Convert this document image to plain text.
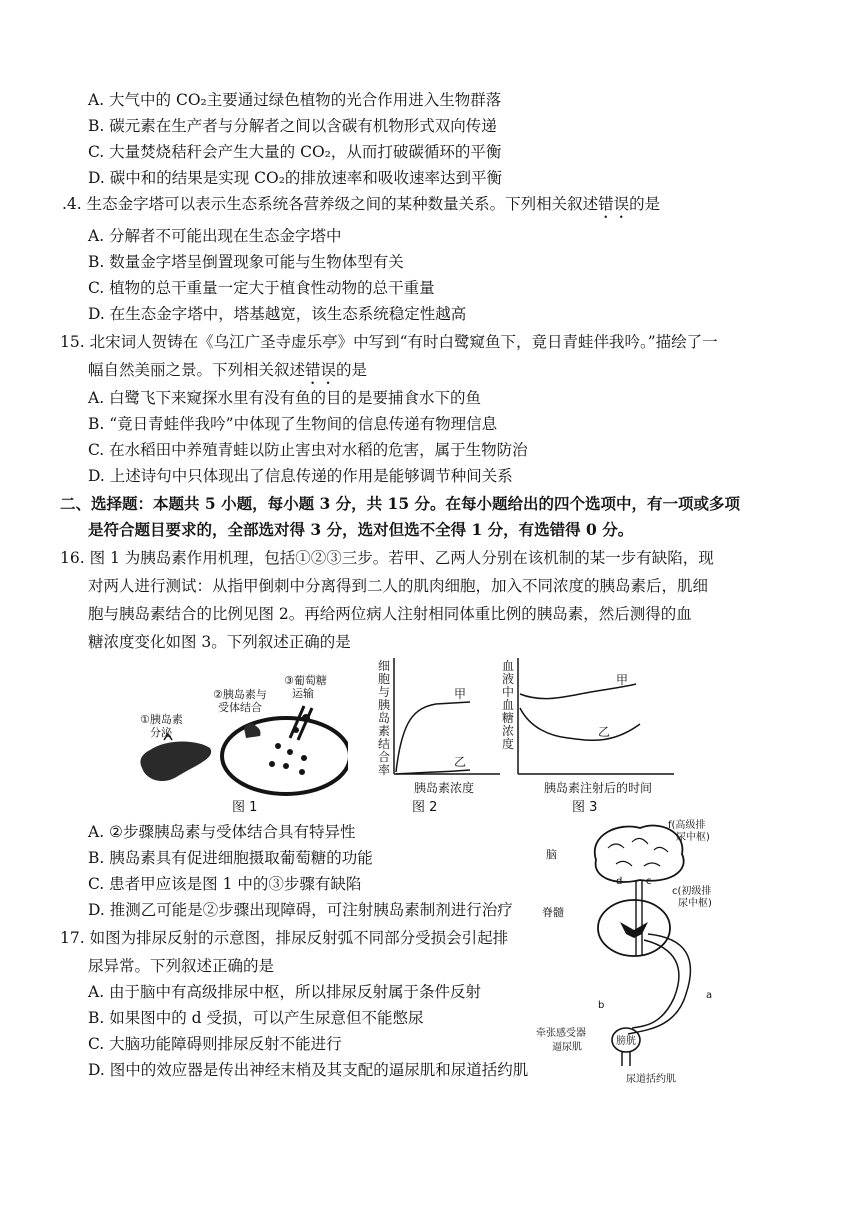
A. 大气中的 CO₂主要通过绿色植物的光合作用进入生物群落
B. 碳元素在生产者与分解者之间以含碳有机物形式双向传递
C. 大量焚烧秸秆会产生大量的 CO₂，从而打破碳循环的平衡
D. 碳中和的结果是实现 CO₂的排放速率和吸收速率达到平衡
.4. 生态金字塔可以表示生态系统各营养级之间的某种数量关系。下列相关叙述错误的是
A. 分解者不可能出现在生态金字塔中
B. 数量金字塔呈倒置现象可能与生物体型有关
C. 植物的总干重量一定大于植食性动物的总干重量
D. 在生态金字塔中，塔基越宽，该生态系统稳定性越高
15. 北宋词人贺铸在《乌江广圣寺虚乐亭》中写到“有时白鹭窥鱼下，竟日青蛙伴我吟。”描绘了一
幅自然美丽之景。下列相关叙述错误的是
A. 白鹭飞下来窥探水里有没有鱼的目的是要捕食水下的鱼
B. “竟日青蛙伴我吟”中体现了生物间的信息传递有物理信息
C. 在水稻田中养殖青蛙以防止害虫对水稻的危害，属于生物防治
D. 上述诗句中只体现出了信息传递的作用是能够调节种间关系
二、选择题：本题共 5 小题，每小题 3 分，共 15 分。在每小题给出的四个选项中，有一项或多项
是符合题目要求的，全部选对得 3 分，选对但选不全得 1 分，有选错得 0 分。
16. 图 1 为胰岛素作用机理，包括①②③三步。若甲、乙两人分别在该机制的某一步有缺陷，现
对两人进行测试：从指甲倒刺中分离得到二人的肌肉细胞，加入不同浓度的胰岛素后，肌细
胞与胰岛素结合的比例见图 2。再给两位病人注射相同体重比例的胰岛素，然后测得的血
糖浓度变化如图 3。下列叙述正确的是
①胰岛素
分泌
②胰岛素与
受体结合
③葡萄糖
运输
图 1
细胞与胰岛素结合率
甲
乙
胰岛素浓度
图 2
血液中血糖浓度
甲
乙
胰岛素注射后的时间
图 3
A. ②步骤胰岛素与受体结合具有特异性
B. 胰岛素具有促进细胞摄取葡萄糖的功能
C. 患者甲应该是图 1 中的③步骤有缺陷
D. 推测乙可能是②步骤出现障碍，可注射胰岛素制剂进行治疗
17. 如图为排尿反射的示意图，排尿反射弧不同部分受损会引起排
尿异常。下列叙述正确的是
A. 由于脑中有高级排尿中枢，所以排尿反射属于条件反射
B. 如果图中的 d 受损，可以产生尿意但不能憋尿
C. 大脑功能障碍则排尿反射不能进行
D. 图中的效应器是传出神经末梢及其支配的逼尿肌和尿道括约肌
脑
f(高级排
尿中枢)
d c
c(初级排
尿中枢)
脊髓
a
b
膀胱
牵张感受器
逼尿肌
尿道括约肌
